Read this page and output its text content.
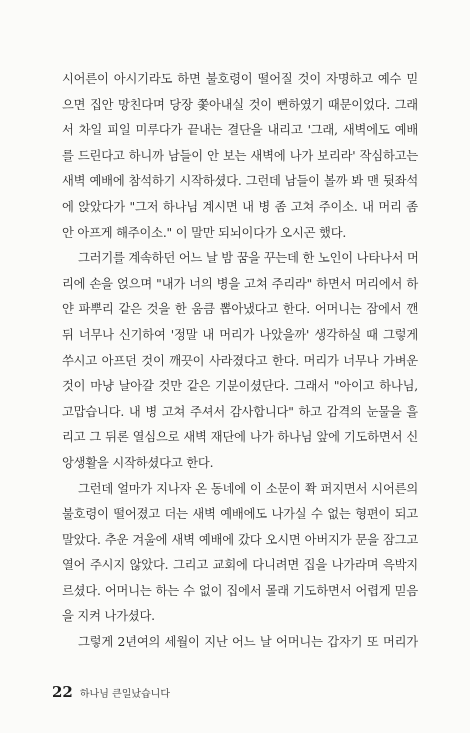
시어른이 아시기라도 하면 불호령이 떨어질 것이 자명하고 예수 믿
으면 집안 망친다며 당장 쫓아내실 것이 뻔하였기 때문이었다. 그래
서 차일 피일 미루다가 끝내는 결단을 내리고 '그래, 새벽에도 예배
를 드린다고 하니까 남들이 안 보는 새벽에 나가 보리라' 작심하고는
새벽 예배에 참석하기 시작하셨다. 그런데 남들이 볼까 봐 맨 뒷좌석
에 앉았다가 "그저 하나님 계시면 내 병 좀 고쳐 주이소. 내 머리 좀
안 아프게 해주이소." 이 말만 되뇌이다가 오시곤 했다.
그러기를 계속하던 어느 날 밤 꿈을 꾸는데 한 노인이 나타나서 머
리에 손을 얹으며 "내가 너의 병을 고쳐 주리라" 하면서 머리에서 하
얀 파뿌리 같은 것을 한 움큼 뽑아냈다고 한다. 어머니는 잠에서 깬
뒤 너무나 신기하여 '정말 내 머리가 나았을까' 생각하실 때 그렇게
쑤시고 아프던 것이 깨끗이 사라졌다고 한다. 머리가 너무나 가벼운
것이 마냥 날아갈 것만 같은 기분이셨단다. 그래서 "아이고 하나님,
고맙습니다. 내 병 고쳐 주셔서 감사합니다" 하고 감격의 눈물을 흘
리고 그 뒤론 열심으로 새벽 재단에 나가 하나님 앞에 기도하면서 신
앙생활을 시작하셨다고 한다.
그런데 얼마가 지나자 온 동네에 이 소문이 쫙 퍼지면서 시어른의
불호령이 떨어졌고 더는 새벽 예배에도 나가실 수 없는 형편이 되고
말았다. 추운 겨울에 새벽 예배에 갔다 오시면 아버지가 문을 잠그고
열어 주시지 않았다. 그리고 교회에 다니려면 집을 나가라며 윽박지
르셨다. 어머니는 하는 수 없이 집에서 몰래 기도하면서 어렵게 믿음
을 지켜 나가셨다.
그렇게 2년여의 세월이 지난 어느 날 어머니는 갑자기 또 머리가
22 하나님 큰일났습니다
